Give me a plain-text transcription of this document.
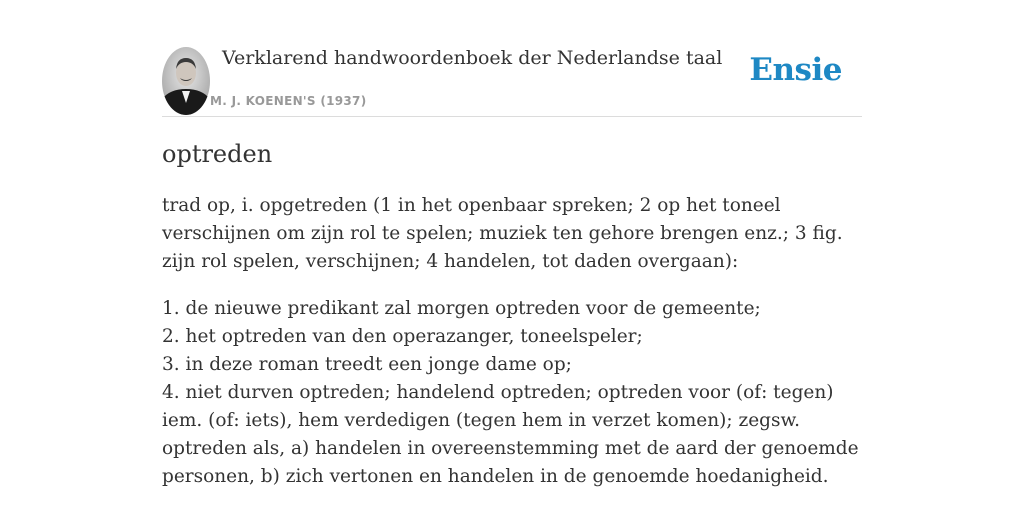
Verklarend handwoordenboek der Nederlandse taal
M. J. KOENEN'S (1937)
Ensie
optreden

trad op, i. opgetreden (1 in het openbaar spreken; 2 op het toneel verschijnen om zijn rol te spelen; muziek ten gehore brengen enz.; 3 fig. zijn rol spelen, verschijnen; 4 handelen, tot daden overgaan):

1. de nieuwe predikant zal morgen optreden voor de gemeente;
2. het optreden van den operazanger, toneelspeler;
3. in deze roman treedt een jonge dame op;
4. niet durven optreden; handelend optreden; optreden voor (of: tegen) iem. (of: iets), hem verdedigen (tegen hem in verzet komen); zegsw. optreden als, a) handelen in overeenstemming met de aard der genoemde personen, b) zich vertonen en handelen in de genoemde hoedanigheid.
